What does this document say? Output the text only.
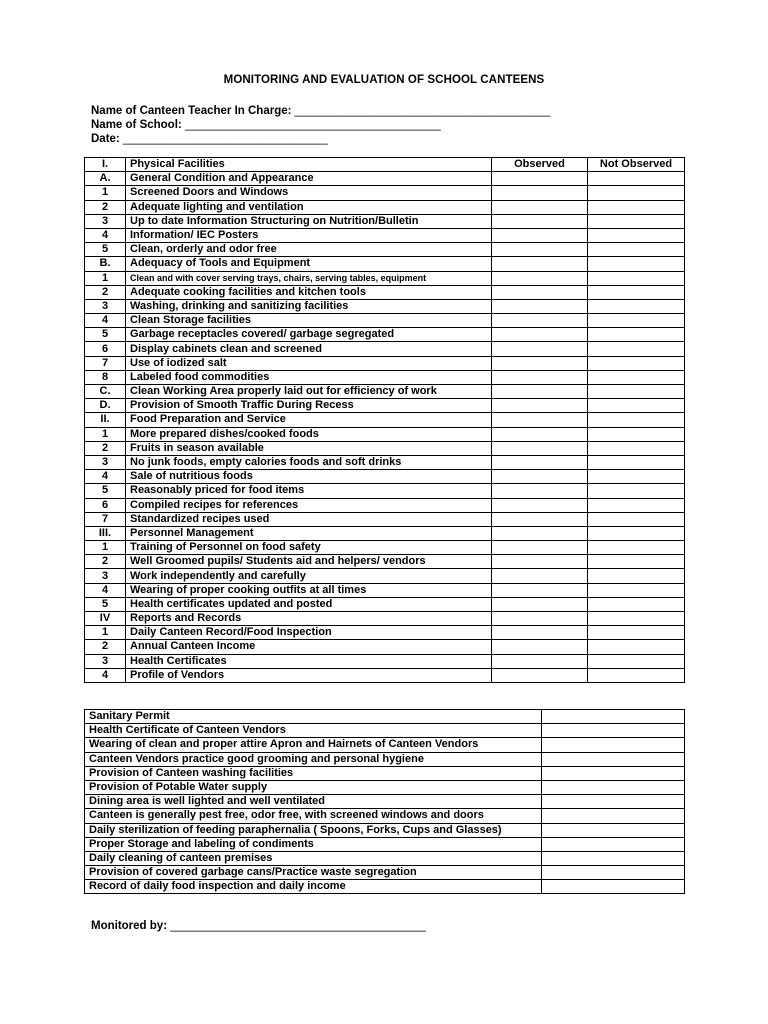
MONITORING AND EVALUATION OF SCHOOL CANTEENS
Name of Canteen Teacher In Charge: ________________________________________
Name of School: ________________________________________
Date: ________________________________
I.	Physical Facilities	Observed	Not Observed
A.	General Condition and Appearance		
1	Screened Doors and Windows		
2	Adequate lighting and ventilation		
3	Up to date Information Structuring on Nutrition/Bulletin		
4	Information/ IEC Posters		
5	Clean, orderly and odor free		
B.	Adequacy of Tools and Equipment		
1	Clean and with cover serving trays, chairs, serving tables, equipment		
2	Adequate cooking facilities and kitchen tools		
3	Washing, drinking and sanitizing facilities		
4	Clean Storage facilities		
5	Garbage receptacles covered/ garbage segregated		
6	Display cabinets clean and screened		
7	Use of iodized salt		
8	Labeled food commodities		
C.	Clean Working Area properly laid out for efficiency of work		
D.	Provision of Smooth Traffic During Recess		
II.	Food Preparation and Service		
1	More prepared dishes/cooked foods		
2	Fruits in season available		
3	No junk foods, empty calories foods and soft drinks		
4	Sale of nutritious foods		
5	Reasonably priced for food items		
6	Compiled recipes for references		
7	Standardized recipes used		
III.	Personnel Management		
1	Training of Personnel on food safety		
2	Well Groomed pupils/ Students aid and helpers/ vendors		
3	Work independently and carefully		
4	Wearing of proper cooking outfits at all times		
5	Health certificates updated and posted		
IV	Reports and Records		
1	Daily Canteen Record/Food Inspection		
2	Annual Canteen Income		
3	Health Certificates		
4	Profile of Vendors		
Sanitary Permit	
Health Certificate of Canteen Vendors	
Wearing of clean and proper attire Apron and Hairnets of Canteen Vendors	
Canteen Vendors practice good grooming and personal hygiene	
Provision of Canteen washing facilities	
Provision of Potable Water supply	
Dining area is well lighted and well ventilated	
Canteen is generally pest free, odor free, with screened windows and doors	
Daily sterilization of feeding paraphernalia ( Spoons, Forks, Cups and Glasses)	
Proper Storage and labeling of condiments	
Daily cleaning of canteen premises	
Provision of covered garbage cans/Practice waste segregation	
Record of daily food inspection and daily income	
Monitored by: ________________________________________
